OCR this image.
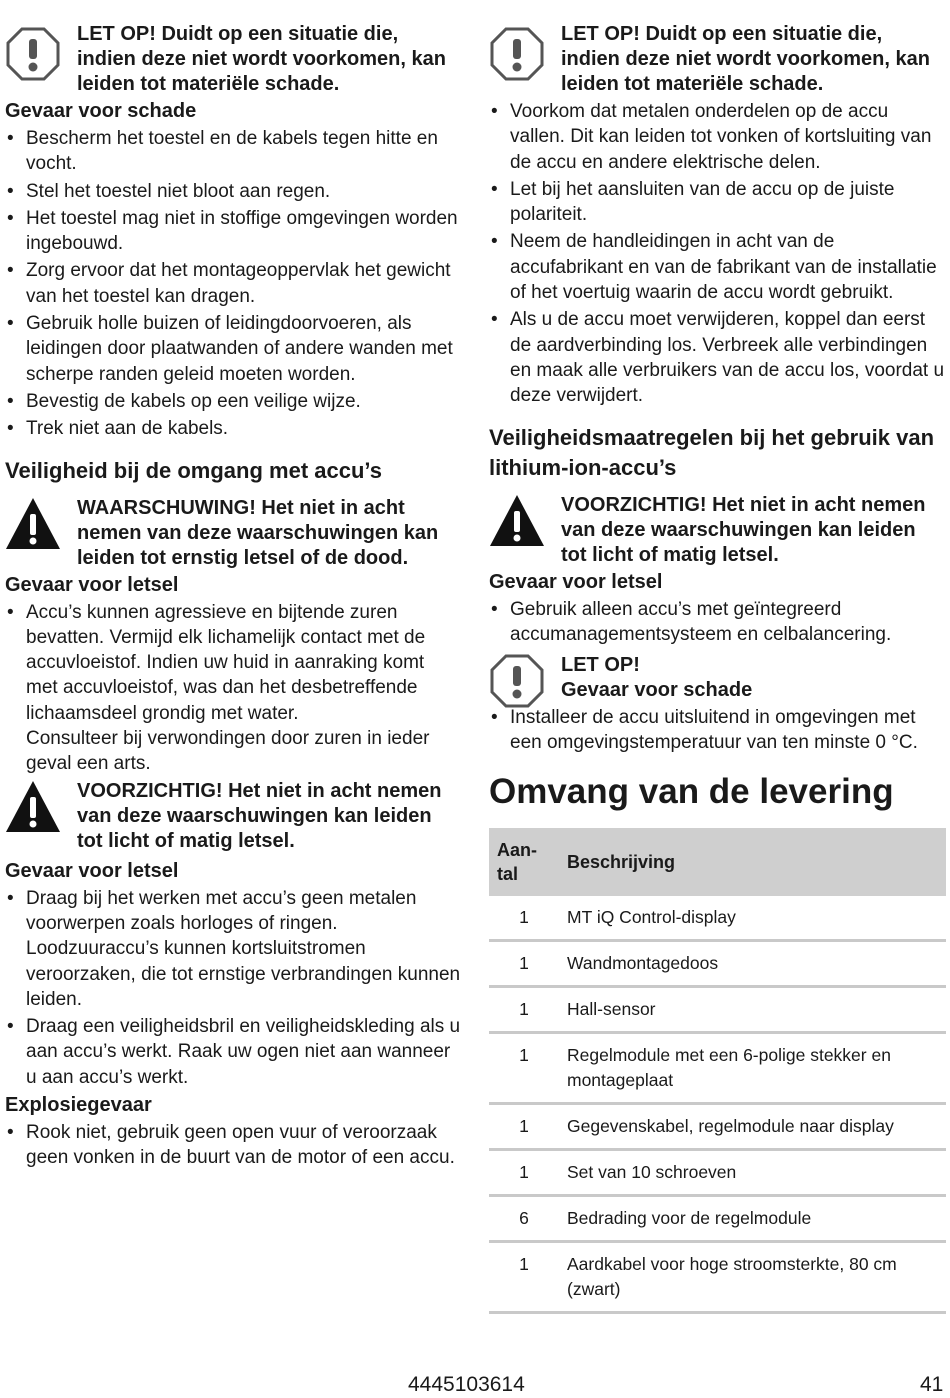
LET OP! Duidt op een situatie die, indien deze niet wordt voorkomen, kan leiden tot materiële schade.
Gevaar voor schade
• Bescherm het toestel en de kabels tegen hitte en vocht.
• Stel het toestel niet bloot aan regen.
• Het toestel mag niet in stoffige omgevingen worden ingebouwd.
• Zorg ervoor dat het montageoppervlak het gewicht van het toestel kan dragen.
• Gebruik holle buizen of leidingdoorvoeren, als leidingen door plaatwanden of andere wanden met scherpe randen geleid moeten worden.
• Bevestig de kabels op een veilige wijze.
• Trek niet aan de kabels.
Veiligheid bij de omgang met accu’s
WAARSCHUWING! Het niet in acht nemen van deze waarschuwingen kan leiden tot ernstig letsel of de dood.
Gevaar voor letsel
• Accu’s kunnen agressieve en bijtende zuren bevatten. Vermijd elk lichamelijk contact met de accuvloeistof. Indien uw huid in aanraking komt met accuvloeistof, was dan het desbetreffende lichaamsdeel grondig met water.
Consulteer bij verwondingen door zuren in ieder geval een arts.
VOORZICHTIG! Het niet in acht nemen van deze waarschuwingen kan leiden tot licht of matig letsel.
Gevaar voor letsel
• Draag bij het werken met accu’s geen metalen voorwerpen zoals horloges of ringen. Loodzuuraccu’s kunnen kortsluitstromen veroorzaken, die tot ernstige verbrandingen kunnen leiden.
• Draag een veiligheidsbril en veiligheidskleding als u aan accu’s werkt. Raak uw ogen niet aan wanneer u aan accu’s werkt.
Explosiegevaar
• Rook niet, gebruik geen open vuur of veroorzaak geen vonken in de buurt van de motor of een accu.
LET OP! Duidt op een situatie die, indien deze niet wordt voorkomen, kan leiden tot materiële schade.
• Voorkom dat metalen onderdelen op de accu vallen. Dit kan leiden tot vonken of kortsluiting van de accu en andere elektrische delen.
• Let bij het aansluiten van de accu op de juiste polariteit.
• Neem de handleidingen in acht van de accufabrikant en van de fabrikant van de installatie of het voertuig waarin de accu wordt gebruikt.
• Als u de accu moet verwijderen, koppel dan eerst de aardverbinding los. Verbreek alle verbindingen en maak alle verbruikers van de accu los, voordat u deze verwijdert.
Veiligheidsmaatregelen bij het gebruik van lithium-ion-accu’s
VOORZICHTIG! Het niet in acht nemen van deze waarschuwingen kan leiden tot licht of matig letsel.
Gevaar voor letsel
• Gebruik alleen accu’s met geïntegreerd accumanagementsysteem en celbalancering.
LET OP!
Gevaar voor schade
• Installeer de accu uitsluitend in omgevingen met een omgevingstemperatuur van ten minste 0 °C.
Omvang van de levering
Aan-
tal	Beschrijving
1	MT iQ Control-display
1	Wandmontagedoos
1	Hall-sensor
1	Regelmodule met een 6-polige stekker en montageplaat
1	Gegevenskabel, regelmodule naar display
1	Set van 10 schroeven
6	Bedrading voor de regelmodule
1	Aardkabel voor hoge stroomsterkte, 80 cm (zwart)
4445103614	41
